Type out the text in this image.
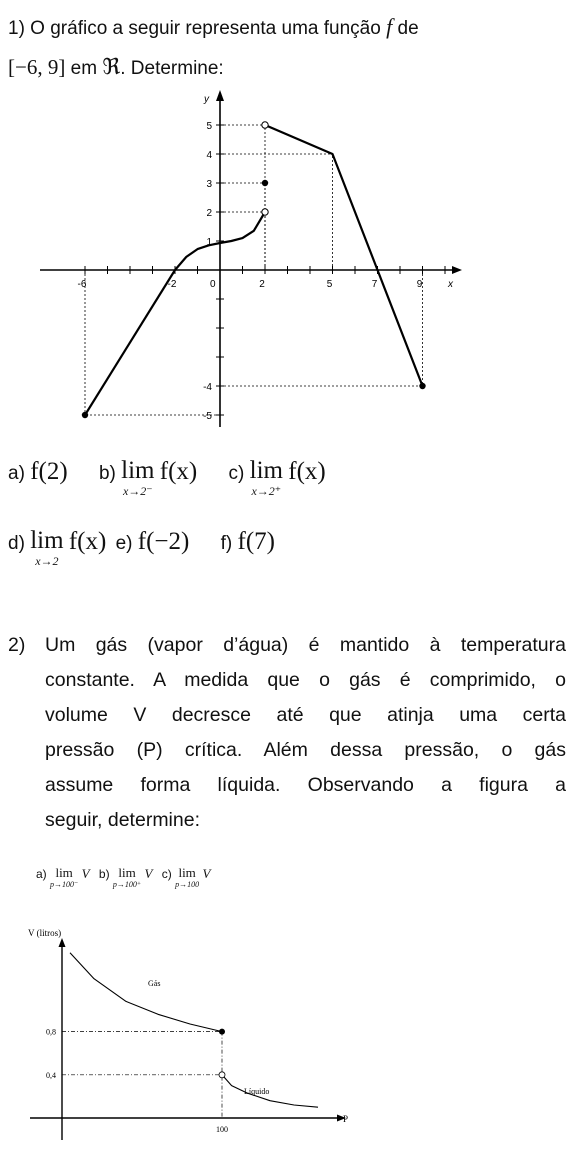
1) O gráfico a seguir representa uma função f de
[−6, 9] em ℜ. Determine:
-6	-2	0	2	5	7	9
5
4
3
2
1
-4
-5
x
y
a) f(2) b) lim
x→2⁻
f(x) c) lim
x→2⁺
f(x)
d) lim
x→2
f(x) e) f(−2) f) f(7)
2) Um gás (vapor d’água) é mantido à temperatura
constante. A medida que o gás é comprimido, o
volume V decresce até que atinja uma certa
pressão (P) crítica. Além dessa pressão, o gás
assume forma líquida. Observando a figura a
seguir, determine:
a) lim
p→100⁻
V b) lim
p→100⁺
V c) lim
p→100
V
V (litros)
P
0,8
0,4
100
Gás
Líquido
